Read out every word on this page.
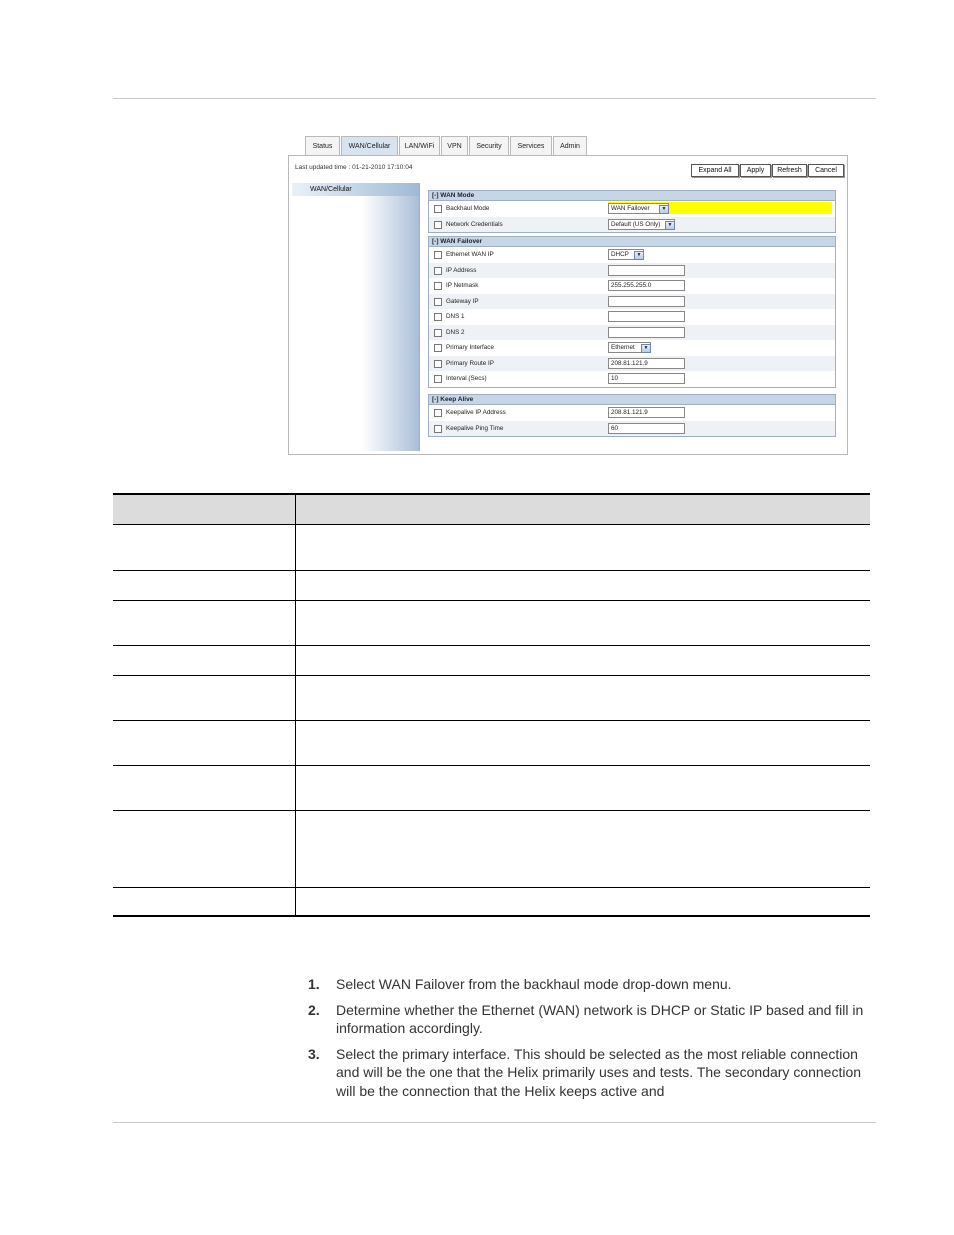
Status	WAN/Cellular	LAN/WiFi	VPN	Security	Services	Admin
Last updated time : 01-21-2010 17:10:04	Expand All	Apply	Refresh	Cancel
WAN/Cellular
[-] WAN Mode
Backhaul Mode	WAN Failover	▼
Network Credentials	Default (US Only)	▼
[-] WAN Failover
Ethernet WAN IP	DHCP	▼
IP Address
IP Netmask	255.255.255.0
Gateway IP
DNS 1
DNS 2
Primary Interface	Ethernet	▼
Primary Route IP	208.81.121.9
Interval (Secs)	10
[-] Keep Alive
Keepalive IP Address	208.81.121.9
Keepalive Ping Time	60

1. Select WAN Failover from the backhaul mode drop-down menu.
2. Determine whether the Ethernet (WAN) network is DHCP or Static IP based and fill in information accordingly.
3. Select the primary interface. This should be selected as the most reliable connection and will be the one that the Helix primarily uses and tests. The secondary connection will be the connection that the Helix keeps active and
